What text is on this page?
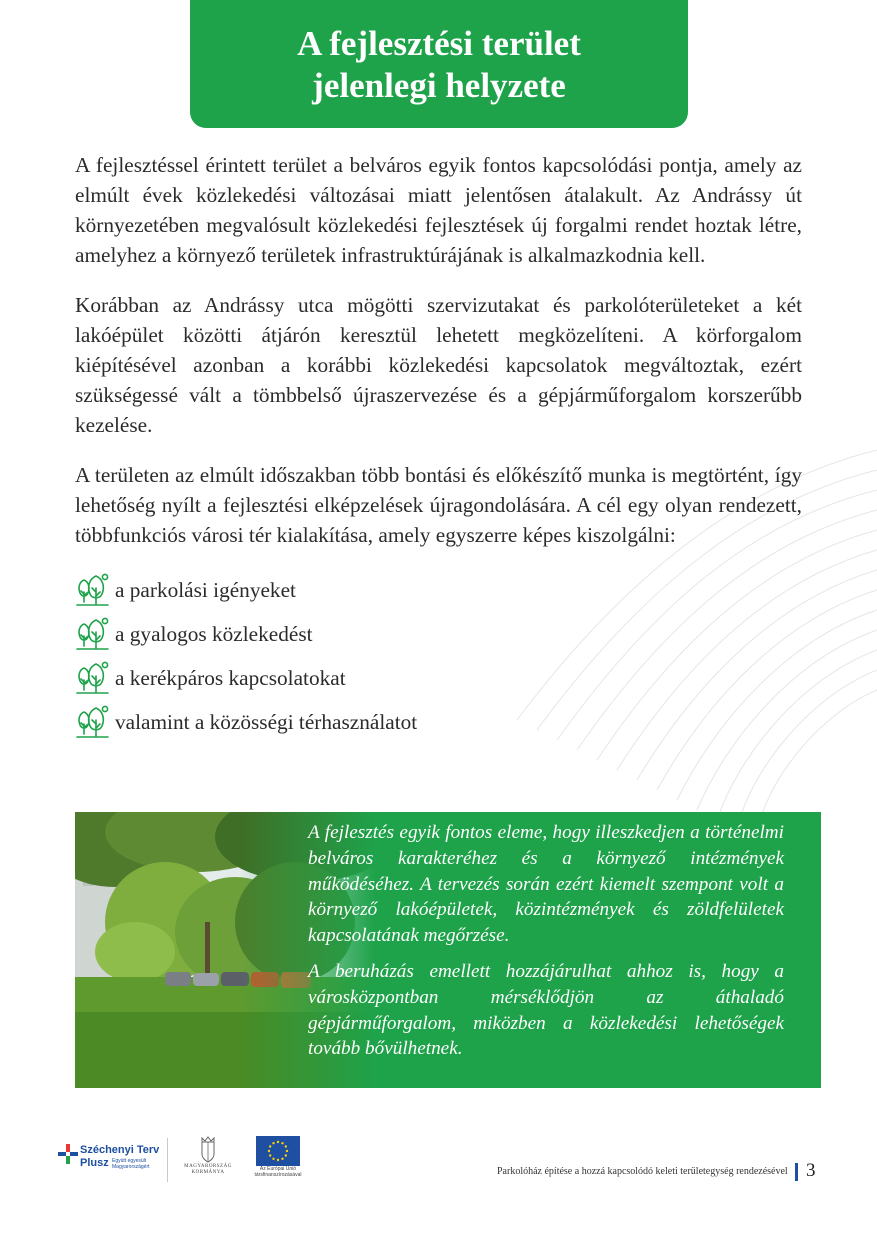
A fejlesztési terület
jelenlegi helyzete

A fejlesztéssel érintett terület a belváros egyik fontos kapcsolódási pontja, amely az elmúlt évek közlekedési változásai miatt jelentősen átalakult. Az Andrássy út környezetében megvalósult közlekedési fejlesztések új forgalmi rendet hoztak létre, amelyhez a környező területek infrastruktúrájának is alkalmazkodnia kell.

Korábban az Andrássy utca mögötti szervizutakat és parkolóterületeket a két lakóépület közötti átjárón keresztül lehetett megközelíteni. A körforgalom kiépítésével azonban a korábbi közlekedési kapcsolatok megváltoztak, ezért szükségessé vált a tömbbelső újraszervezése és a gépjárműforgalom korszerűbb kezelése.

A területen az elmúlt időszakban több bontási és előkészítő munka is megtörtént, így lehetőség nyílt a fejlesztési elképzelések újragondolására. A cél egy olyan rendezett, többfunkciós városi tér kialakítása, amely egyszerre képes kiszolgálni:

a parkolási igényeket
a gyalogos közlekedést
a kerékpáros kapcsolatokat
valamint a közösségi térhasználatot

A fejlesztés egyik fontos eleme, hogy illeszkedjen a történelmi belváros karakteréhez és a környező intézmények működéséhez. A tervezés során ezért kiemelt szempont volt a környező lakóépületek, közintézmények és zöldfelületek kapcsolatának megőrzése.

A beruházás emellett hozzájárulhat ahhoz is, hogy a városközpontban mérséklődjön az áthaladó gépjárműforgalom, miközben a közlekedési lehetőségek tovább bővülhetnek.

Széchenyi Terv
Plusz Együtt egyesült Magyarországért	MAGYARORSZÁG
KORMÁNYA
Az Európai Unió
társfinanszírozásával	Parkolóház építése a hozzá kapcsolódó keleti területegység rendezésével 3
